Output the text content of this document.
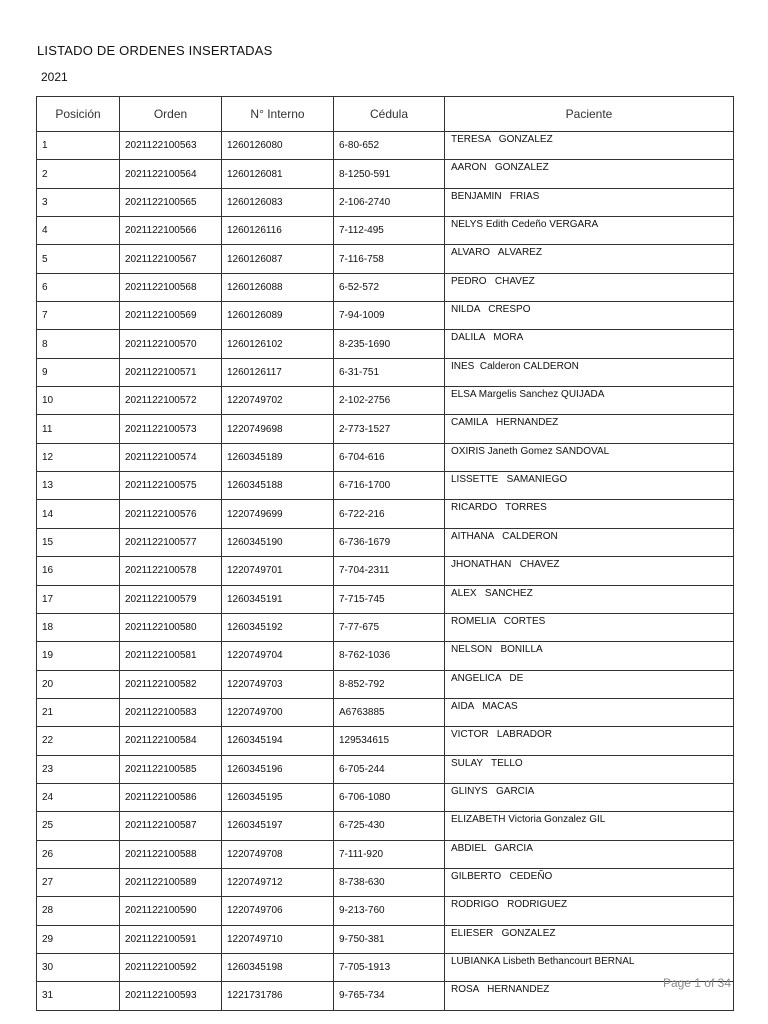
LISTADO DE ORDENES INSERTADAS
2021
Posición	Orden	N° Interno	Cédula	Paciente
1	2021122100563	1260126080	6-80-652	TERESA   GONZALEZ
2	2021122100564	1260126081	8-1250-591	AARON   GONZALEZ
3	2021122100565	1260126083	2-106-2740	BENJAMIN   FRIAS
4	2021122100566	1260126116	7-112-495	NELYS Edith Cedeño VERGARA
5	2021122100567	1260126087	7-116-758	ALVARO   ALVAREZ
6	2021122100568	1260126088	6-52-572	PEDRO   CHAVEZ
7	2021122100569	1260126089	7-94-1009	NILDA   CRESPO
8	2021122100570	1260126102	8-235-1690	DALILA   MORA
9	2021122100571	1260126117	6-31-751	INES  Calderon CALDERON
10	2021122100572	1220749702	2-102-2756	ELSA Margelis Sanchez QUIJADA
11	2021122100573	1220749698	2-773-1527	CAMILA   HERNANDEZ
12	2021122100574	1260345189	6-704-616	OXIRIS Janeth Gomez SANDOVAL
13	2021122100575	1260345188	6-716-1700	LISSETTE   SAMANIEGO
14	2021122100576	1220749699	6-722-216	RICARDO   TORRES
15	2021122100577	1260345190	6-736-1679	AITHANA   CALDERON
16	2021122100578	1220749701	7-704-2311	JHONATHAN   CHAVEZ
17	2021122100579	1260345191	7-715-745	ALEX   SANCHEZ
18	2021122100580	1260345192	7-77-675	ROMELIA   CORTES
19	2021122100581	1220749704	8-762-1036	NELSON   BONILLA
20	2021122100582	1220749703	8-852-792	ANGELICA   DE
21	2021122100583	1220749700	A6763885	AIDA   MACAS
22	2021122100584	1260345194	129534615	VICTOR   LABRADOR
23	2021122100585	1260345196	6-705-244	SULAY   TELLO
24	2021122100586	1260345195	6-706-1080	GLINYS   GARCIA
25	2021122100587	1260345197	6-725-430	ELIZABETH Victoria Gonzalez GIL
26	2021122100588	1220749708	7-111-920	ABDIEL   GARCIA
27	2021122100589	1220749712	8-738-630	GILBERTO   CEDEÑO
28	2021122100590	1220749706	9-213-760	RODRIGO   RODRIGUEZ
29	2021122100591	1220749710	9-750-381	ELIESER   GONZALEZ
30	2021122100592	1260345198	7-705-1913	LUBIANKA Lisbeth Bethancourt BERNAL
31	2021122100593	1221731786	9-765-734	ROSA   HERNANDEZ	Page 1 of 34
